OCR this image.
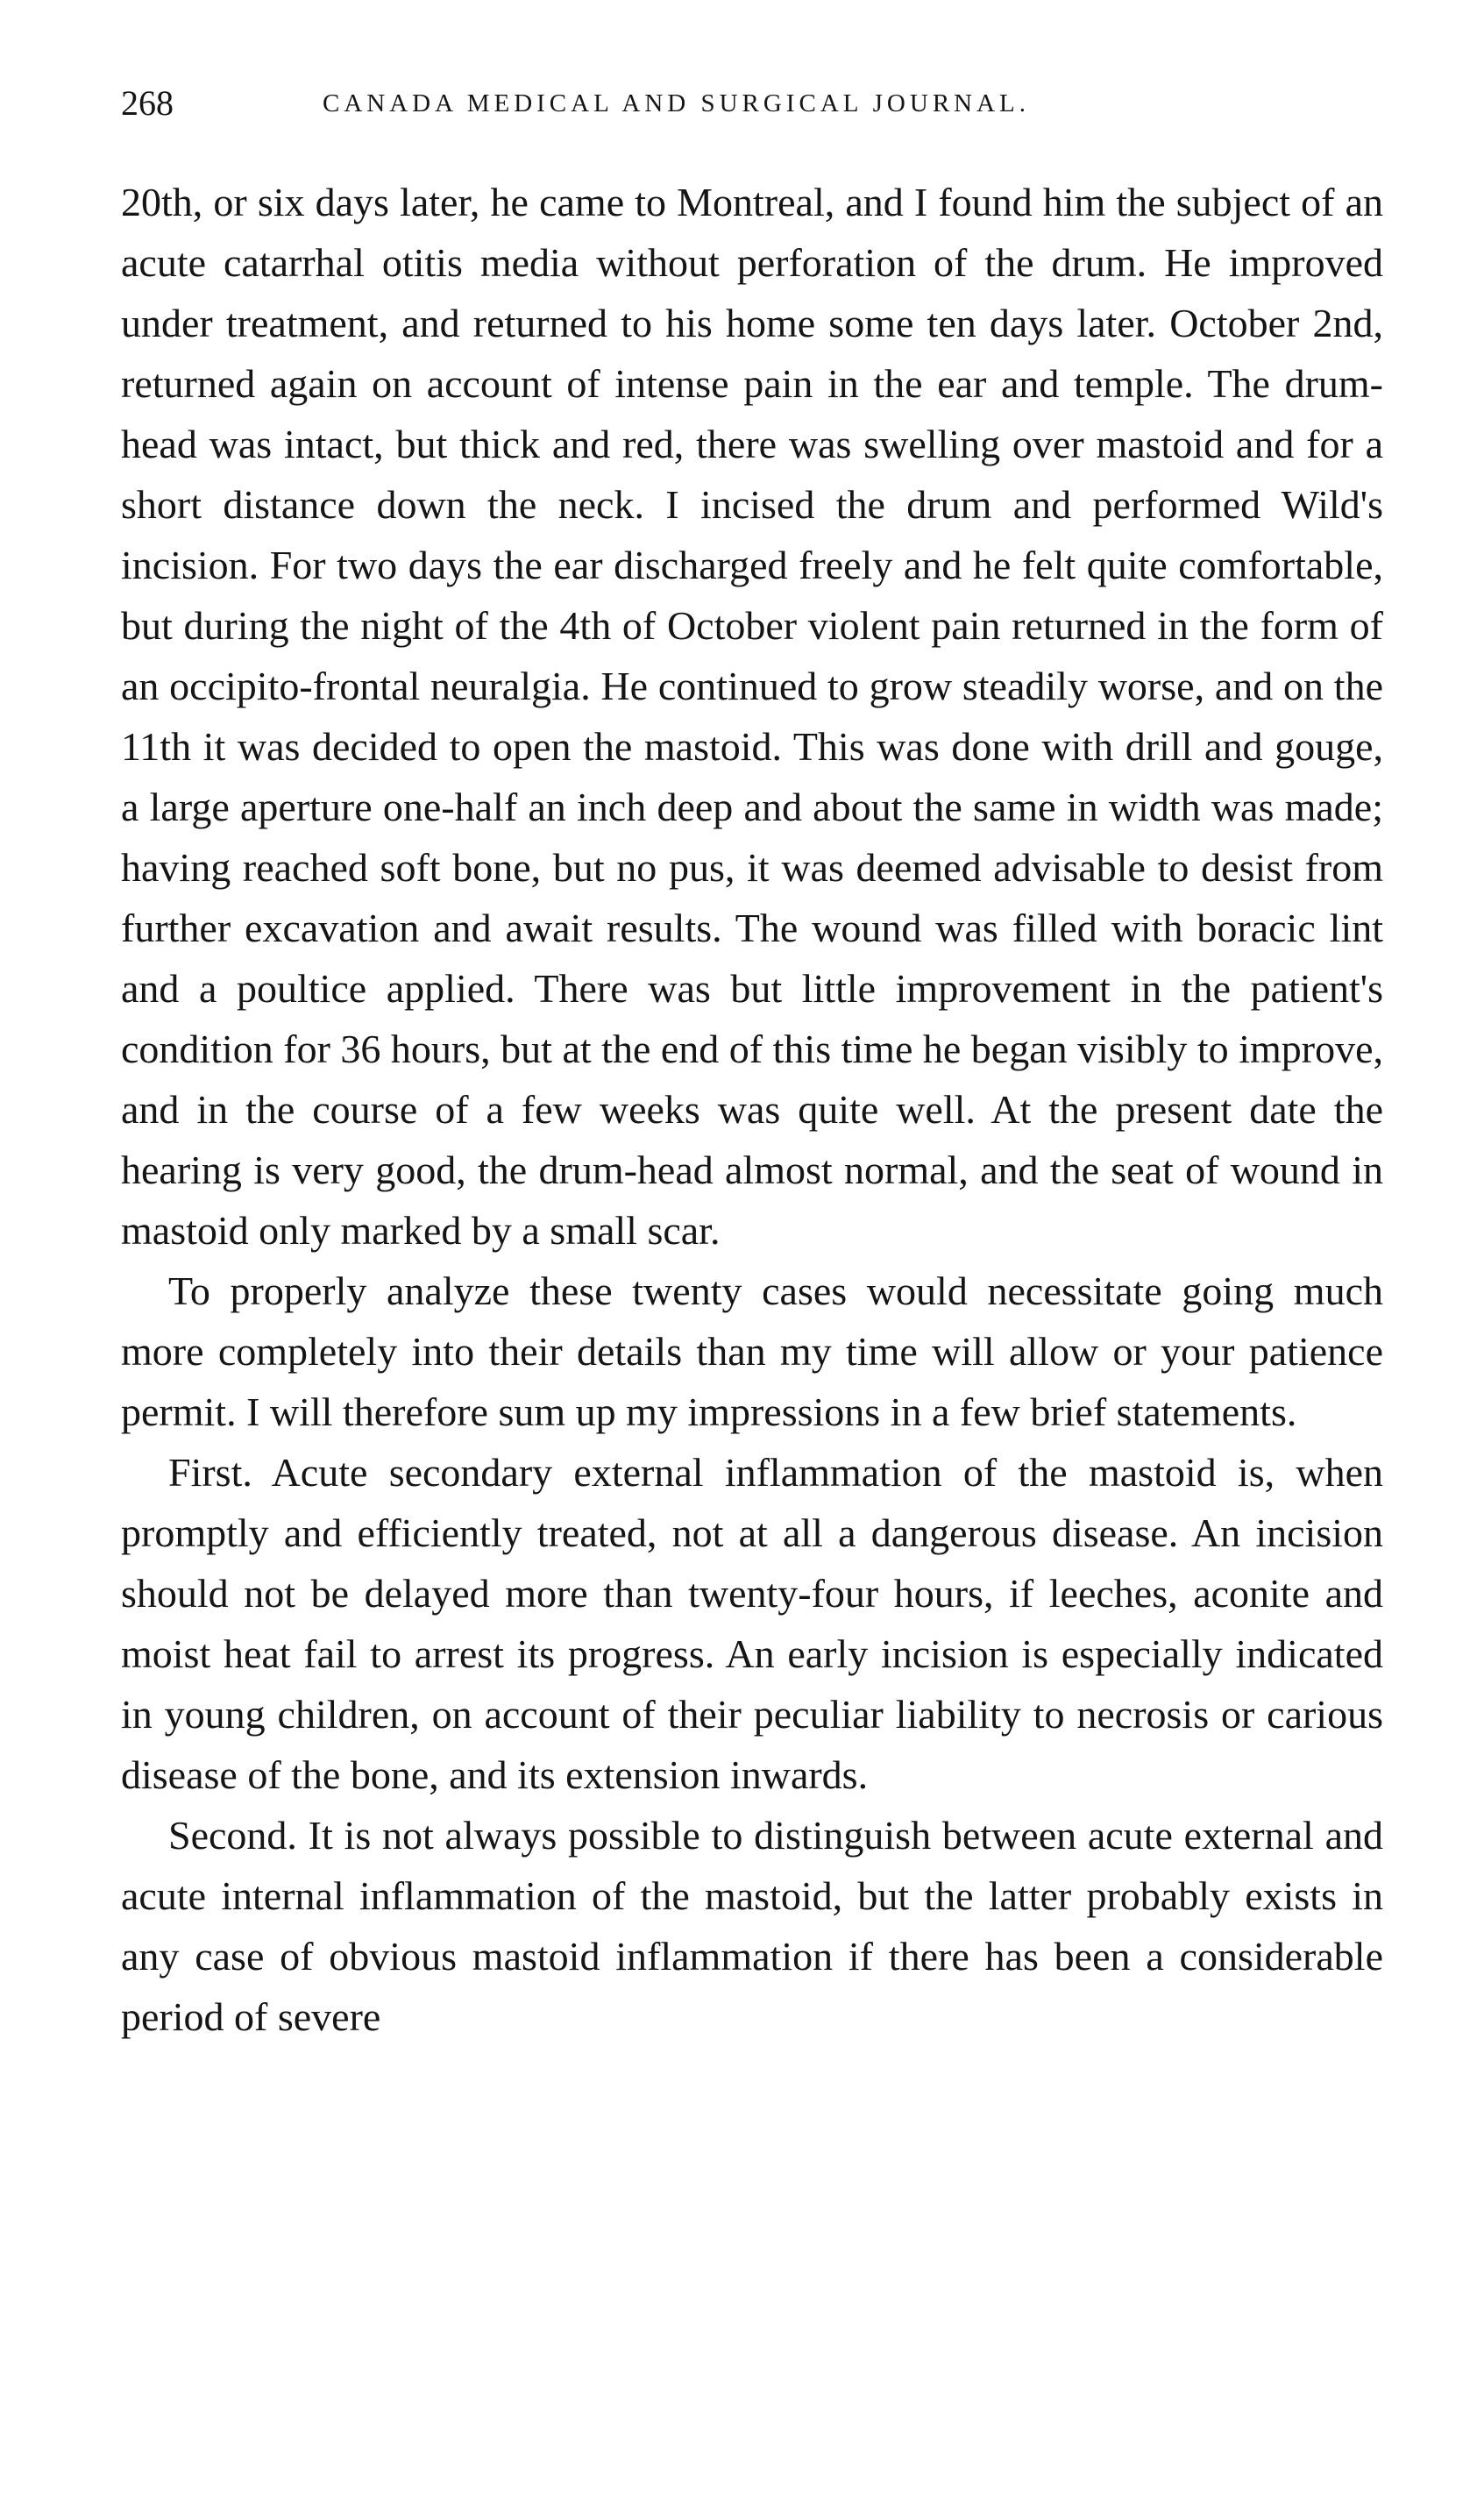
268	CANADA MEDICAL AND SURGICAL JOURNAL.

20th, or six days later, he came to Montreal, and I found him the subject of an acute catarrhal otitis media without perforation of the drum. He improved under treatment, and returned to his home some ten days later. October 2nd, returned again on account of intense pain in the ear and temple. The drum-head was intact, but thick and red, there was swelling over mastoid and for a short distance down the neck. I incised the drum and performed Wild's incision. For two days the ear discharged freely and he felt quite comfortable, but during the night of the 4th of October violent pain returned in the form of an occipito-frontal neuralgia. He continued to grow steadily worse, and on the 11th it was decided to open the mastoid. This was done with drill and gouge, a large aperture one-half an inch deep and about the same in width was made; having reached soft bone, but no pus, it was deemed advisable to desist from further excavation and await results. The wound was filled with boracic lint and a poultice applied. There was but little improvement in the patient's condition for 36 hours, but at the end of this time he began visibly to improve, and in the course of a few weeks was quite well. At the present date the hearing is very good, the drum-head almost normal, and the seat of wound in mastoid only marked by a small scar.

To properly analyze these twenty cases would necessitate going much more completely into their details than my time will allow or your patience permit. I will therefore sum up my impressions in a few brief statements.

First. Acute secondary external inflammation of the mastoid is, when promptly and efficiently treated, not at all a dangerous disease. An incision should not be delayed more than twenty-four hours, if leeches, aconite and moist heat fail to arrest its progress. An early incision is especially indicated in young children, on account of their peculiar liability to necrosis or carious disease of the bone, and its extension inwards.

Second. It is not always possible to distinguish between acute external and acute internal inflammation of the mastoid, but the latter probably exists in any case of obvious mastoid inflammation if there has been a considerable period of severe
